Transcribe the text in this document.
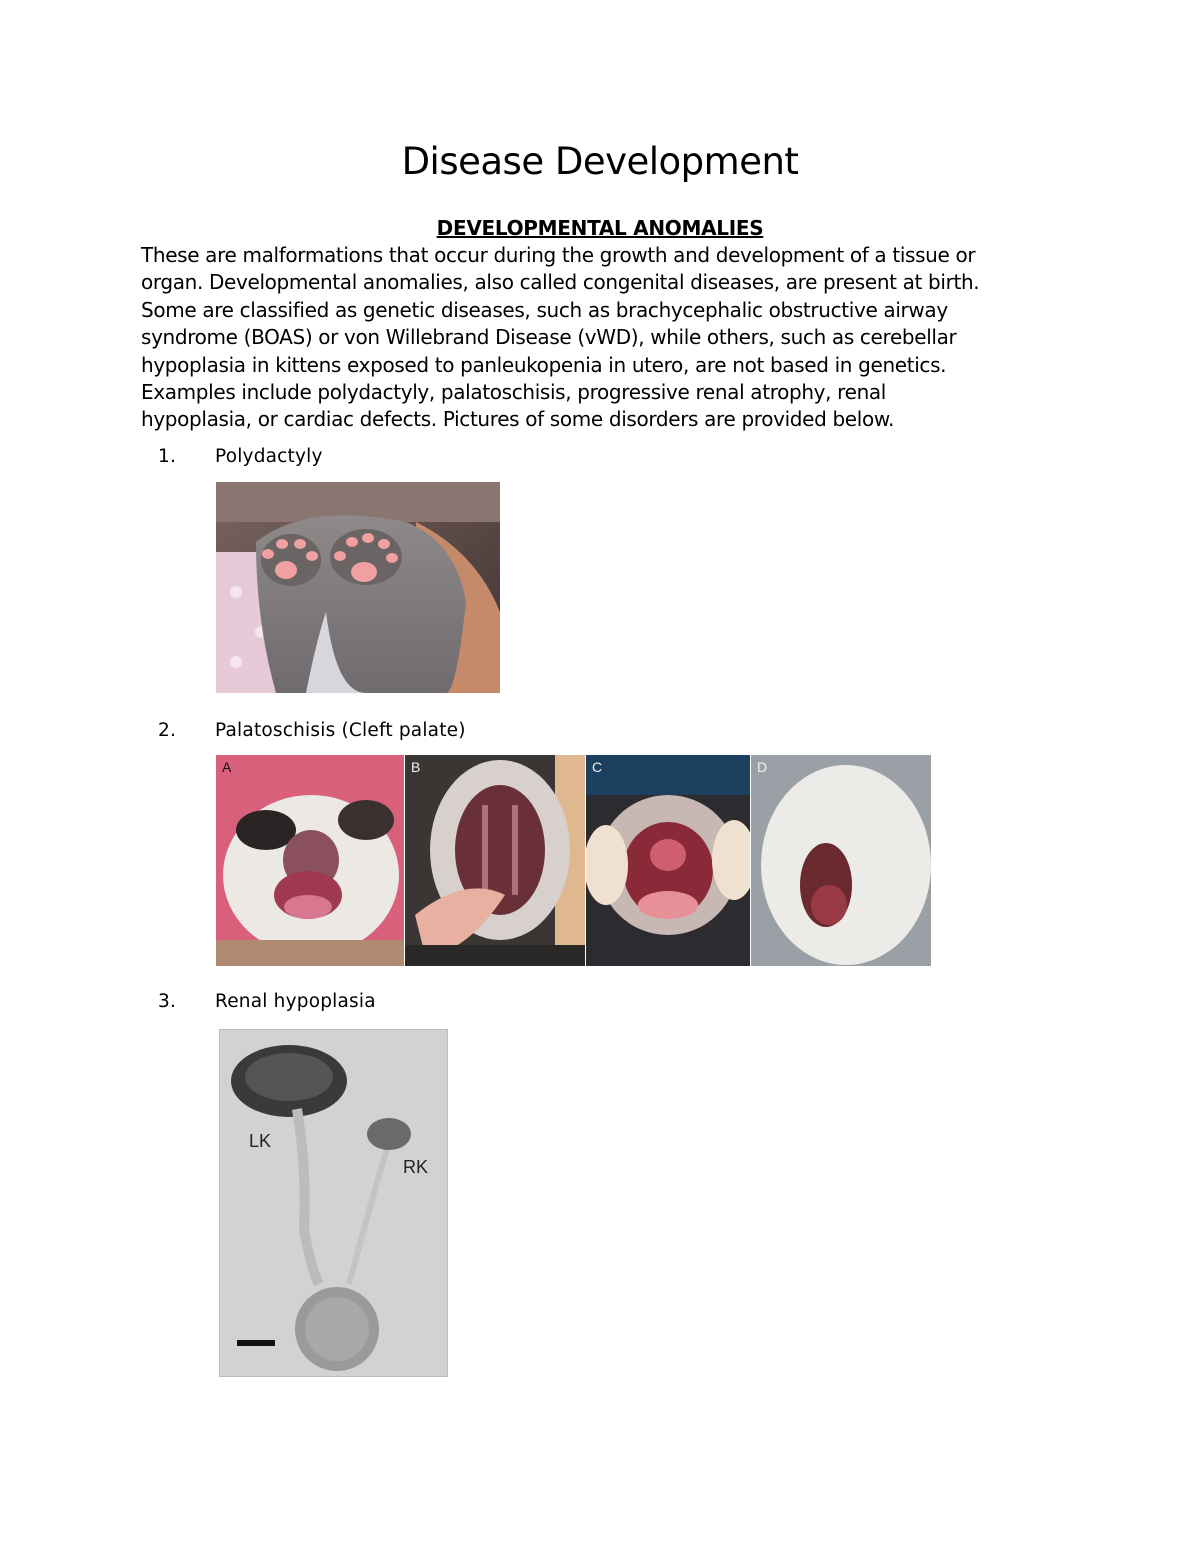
Disease Development
DEVELOPMENTAL ANOMALIES
These are malformations that occur during the growth and development of a tissue or
organ. Developmental anomalies, also called congenital diseases, are present at birth.
Some are classified as genetic diseases, such as brachycephalic obstructive airway
syndrome (BOAS) or von Willebrand Disease (vWD), while others, such as cerebellar
hypoplasia in kittens exposed to panleukopenia in utero, are not based in genetics.
Examples include polydactyly, palatoschisis, progressive renal atrophy, renal
hypoplasia, or cardiac defects. Pictures of some disorders are provided below.
1. Polydactyly
2. Palatoschisis (Cleft palate)
A	B	C	D
3. Renal hypoplasia
LK
RK
